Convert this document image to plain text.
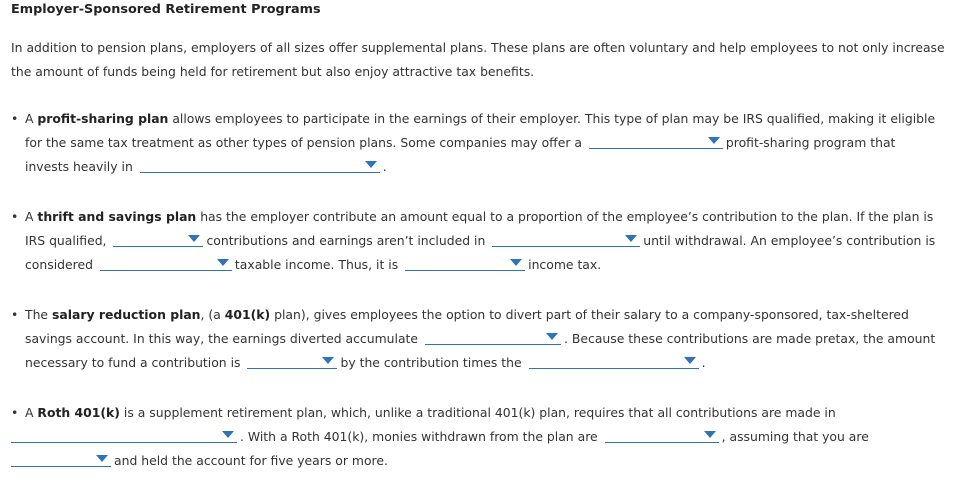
Employer-Sponsored Retirement Programs
In addition to pension plans, employers of all sizes offer supplemental plans. These plans are often voluntary and help employees to not only increase the amount of funds being held for retirement but also enjoy attractive tax benefits.
• A profit-sharing plan allows employees to participate in the earnings of their employer. This type of plan may be IRS qualified, making it eligible for the same tax treatment as other types of pension plans. Some companies may offer a	profit-sharing program that invests heavily in	.
• A thrift and savings plan has the employer contribute an amount equal to a proportion of the employee’s contribution to the plan. If the plan is IRS qualified,	contributions and earnings aren’t included in	until withdrawal. An employee’s contribution is considered	taxable income. Thus, it is	income tax.
• The salary reduction plan, (a 401(k) plan), gives employees the option to divert part of their salary to a company-sponsored, tax-sheltered savings account. In this way, the earnings diverted accumulate	. Because these contributions are made pretax, the amount necessary to fund a contribution is	by the contribution times the	.
• A Roth 401(k) is a supplement retirement plan, which, unlike a traditional 401(k) plan, requires that all contributions are made in

. With a Roth 401(k), monies withdrawn from the plan are	, assuming that you are

and held the account for five years or more.
